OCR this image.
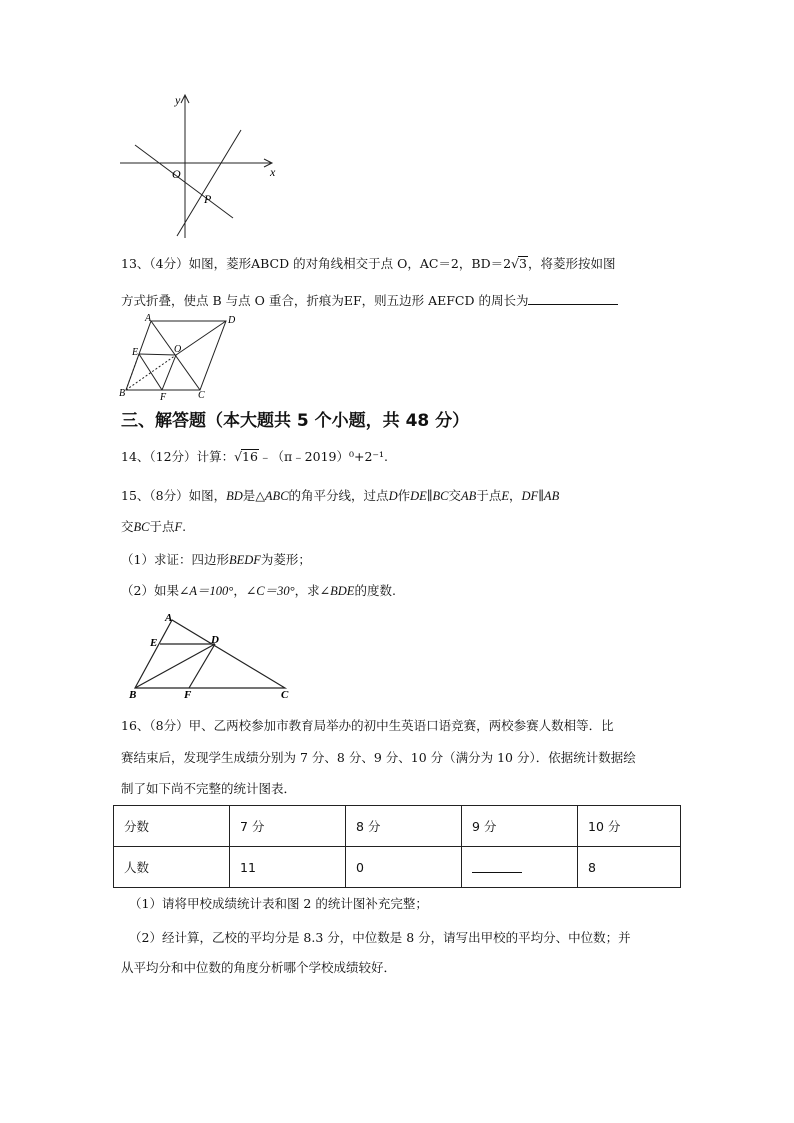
y
x
O
P
13、（4分）如图，菱形ABCD 的对角线相交于点 O，AC＝2，BD＝2√3，将菱形按如图
方式折叠，使点 B 与点 O 重合，折痕为EF，则五边形 AEFCD 的周长为
A	D
E	O
B	F	C
三、解答题（本大题共 5 个小题，共 48 分）
14、（12分）计算：√16﹣（π﹣2019）⁰+2⁻¹.
15、（8分）如图，BD是△ABC的角平分线，过点D作DE∥BC交AB于点E，DF∥AB
交BC于点F.
（1）求证：四边形BEDF为菱形；
（2）如果∠A＝100°，∠C＝30°，求∠BDE的度数.
A
E	D
B	F	C
16、（8分）甲、乙两校参加市教育局举办的初中生英语口语竞赛，两校参赛人数相等．比
赛结束后，发现学生成绩分别为 7 分、8 分、9 分、10 分（满分为 10 分）．依据统计数据绘
制了如下尚不完整的统计图表．
分数	7 分	8 分	9 分	10 分
人数	11	0		8
（1）请将甲校成绩统计表和图 2 的统计图补充完整；
（2）经计算，乙校的平均分是 8.3 分，中位数是 8 分，请写出甲校的平均分、中位数；并
从平均分和中位数的角度分析哪个学校成绩较好．
